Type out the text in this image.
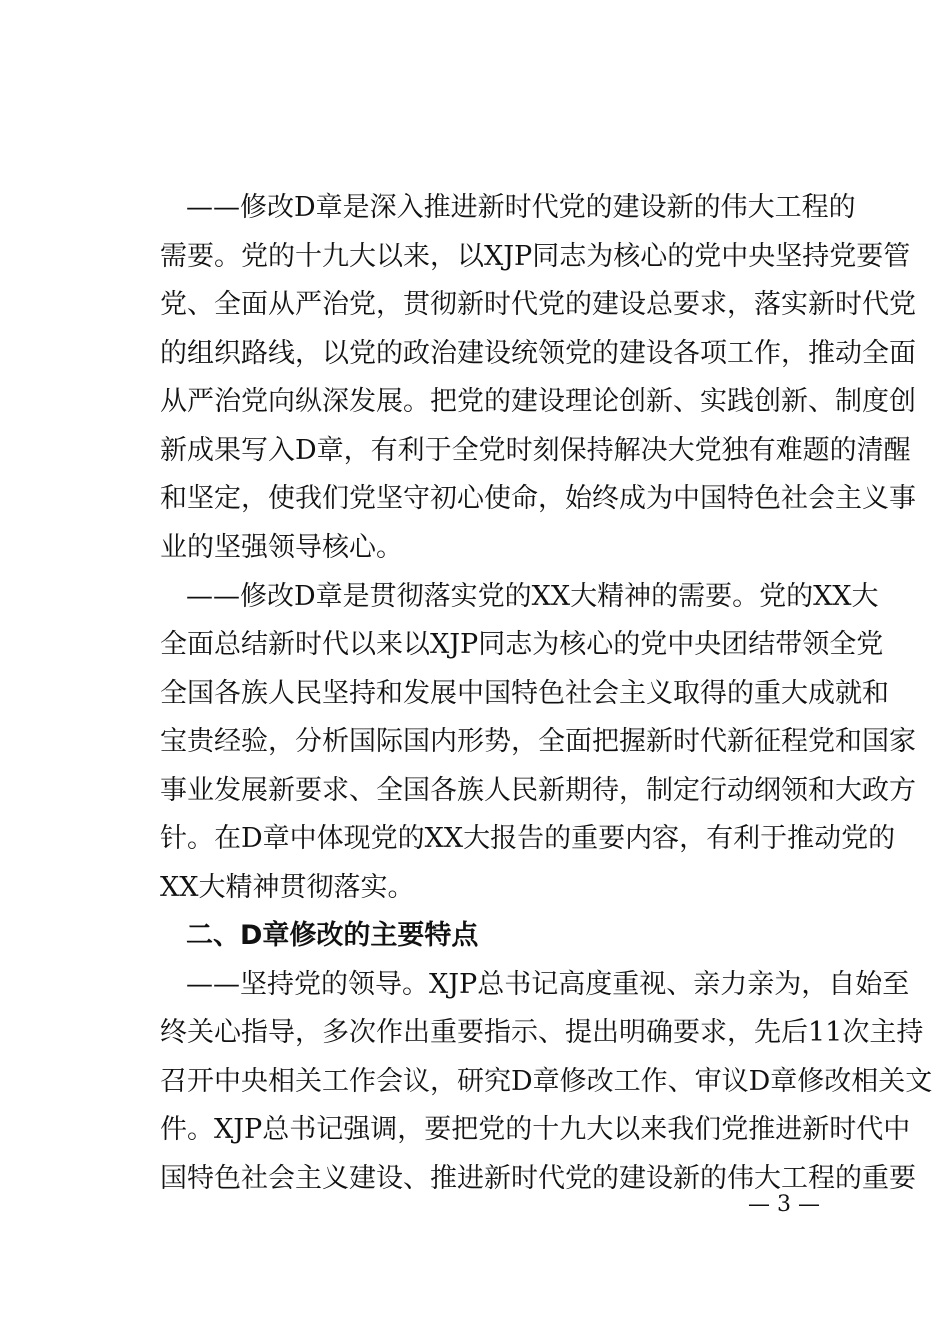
——修改D章是深入推进新时代党的建设新的伟大工程的
需要。党的十九大以来，以XJP同志为核心的党中央坚持党要管
党、全面从严治党，贯彻新时代党的建设总要求，落实新时代党
的组织路线，以党的政治建设统领党的建设各项工作，推动全面
从严治党向纵深发展。把党的建设理论创新、实践创新、制度创
新成果写入D章，有利于全党时刻保持解决大党独有难题的清醒
和坚定，使我们党坚守初心使命，始终成为中国特色社会主义事
业的坚强领导核心。
——修改D章是贯彻落实党的XX大精神的需要。党的XX大
全面总结新时代以来以XJP同志为核心的党中央团结带领全党
全国各族人民坚持和发展中国特色社会主义取得的重大成就和
宝贵经验，分析国际国内形势，全面把握新时代新征程党和国家
事业发展新要求、全国各族人民新期待，制定行动纲领和大政方
针。在D章中体现党的XX大报告的重要内容，有利于推动党的
XX大精神贯彻落实。
二、D章修改的主要特点
——坚持党的领导。XJP总书记高度重视、亲力亲为，自始至
终关心指导，多次作出重要指示、提出明确要求，先后11次主持
召开中央相关工作会议，研究D章修改工作、审议D章修改相关文
件。XJP总书记强调，要把党的十九大以来我们党推进新时代中
国特色社会主义建设、推进新时代党的建设新的伟大工程的重要
— 3 —
